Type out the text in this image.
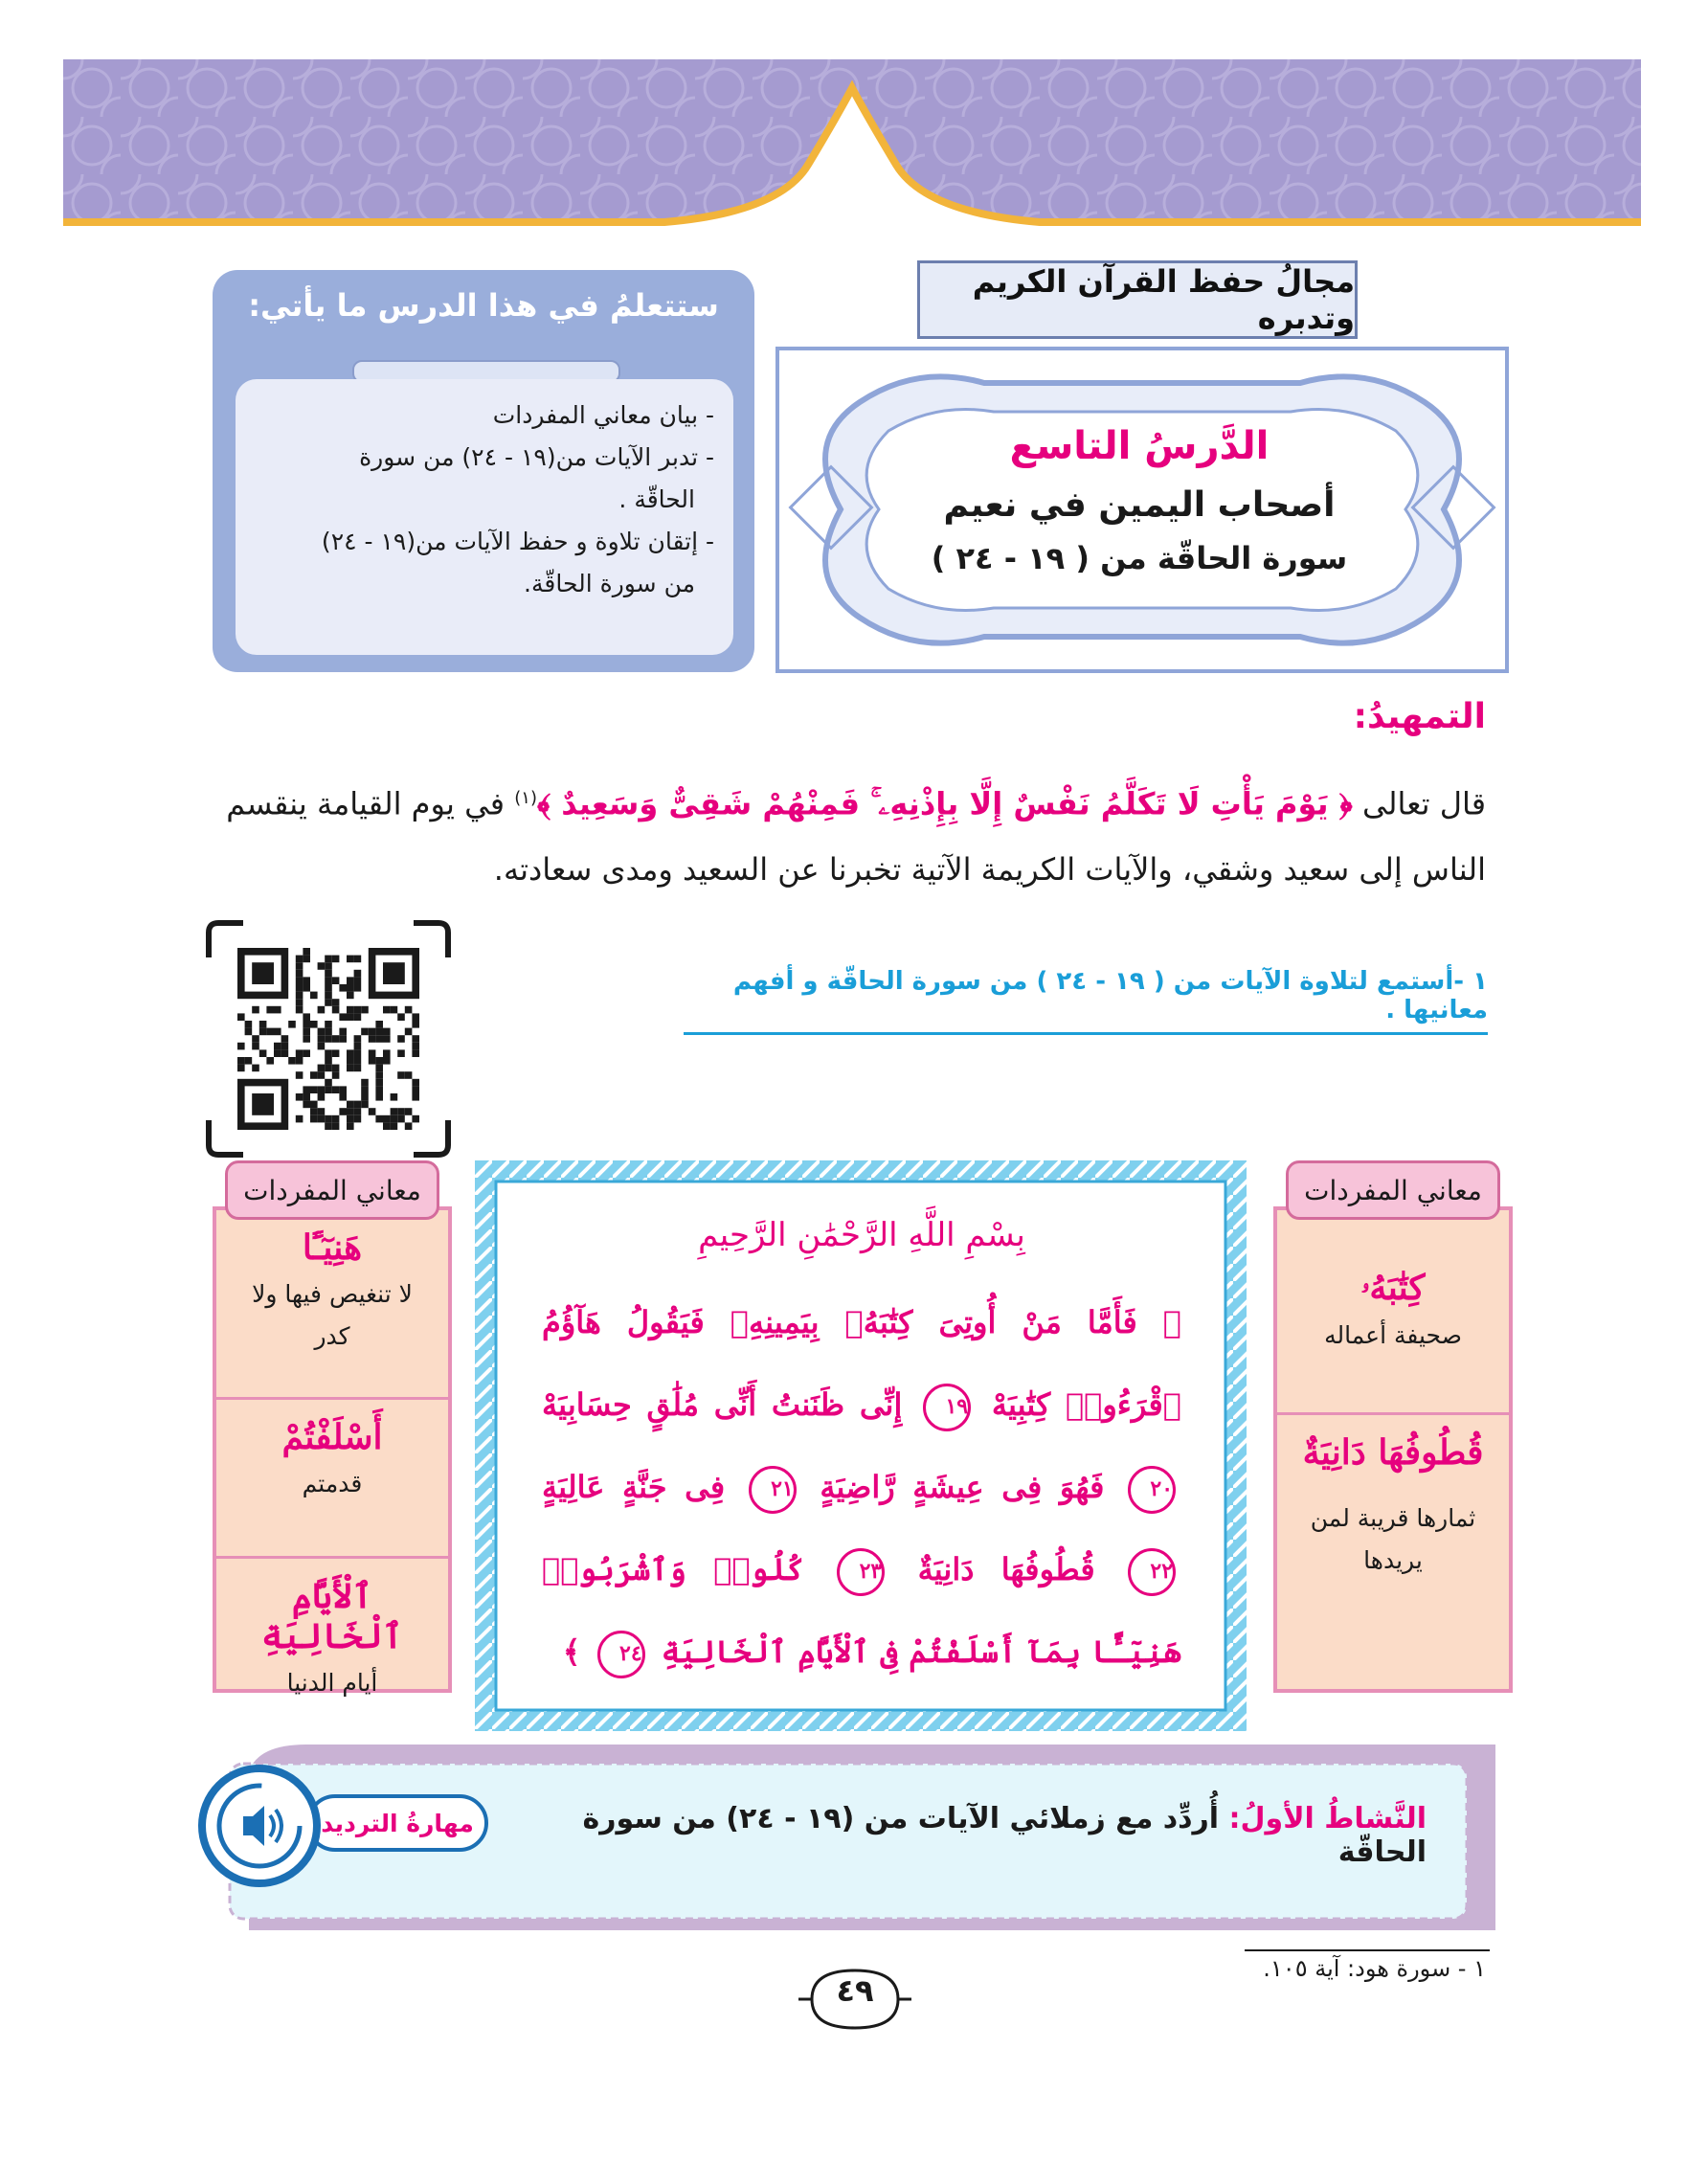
مجالُ حفظ القرآن الكريم وتدبره
الدَّرسُ التاسع
أصحاب اليمين في نعيم
سورة الحاقّة من ( ١٩ - ٢٤ )
ستتعلمُ في هذا الدرس ما يأتي:
- بيان معاني المفردات
- تدبر الآيات من(١٩ - ٢٤) من سورة
الحاقّة .
- إتقان تلاوة و حفظ الآيات من(١٩ - ٢٤)
من سورة الحاقّة.
التمهيدُ:
قال تعالى ﴿ يَوْمَ يَأْتِ لَا تَكَلَّمُ نَفْسٌ إِلَّا بِإِذْنِهِۦ ۚ فَمِنْهُمْ شَقِىٌّ وَسَعِيدٌ ﴾$^{(١)}$ في يوم القيامة ينقسم الناس إلى سعيد وشقي، والآيات الكريمة الآتية تخبرنا عن السعيد ومدى سعادته.
١ -أستمع لتلاوة الآيات من ( ١٩ - ٢٤ ) من سورة الحاقّة و أفهم معانيها .
كِتَٰبَهُۥ
صحيفة أعماله
قُطُوفُهَا دَانِيَةٌ
ثمارها قريبة لمن يريدها
معاني المفردات
هَنِيٓـًٔا
لا تنغيص فيها ولا كدر
أَسْلَفْتُمْ
قدمتم
ٱلْأَيَّامِ ٱلْخَالِيَةِ
أيام الدنيا
معاني المفردات
بِسْمِ اللَّهِ الرَّحْمَٰنِ الرَّحِيمِ
﴿ فَأَمَّا مَنْ أُوتِىَ كِتَٰبَهُۥ بِيَمِينِهِۦ فَيَقُولُ هَآؤُمُ ٱقْرَءُوا۟ كِتَٰبِيَهْ ١٩ إِنِّى ظَنَنتُ أَنِّى مُلَٰقٍ حِسَابِيَهْ ٢٠ فَهُوَ فِى عِيشَةٍ رَّاضِيَةٍ ٢١ فِى جَنَّةٍ عَالِيَةٍ ٢٢ قُطُوفُهَا دَانِيَةٌ ٢٣ كُلُوا۟ وَٱشْرَبُوا۟ هَنِيٓـًٔا بِمَآ أَسْلَفْتُمْ فِى ٱلْأَيَّامِ ٱلْخَالِيَةِ ٢٤ ﴾
النَّشاطُ الأولُ: أُردِّد مع زملائي الآيات من (١٩ - ٢٤) من سورة الحاقّة
مهارةُ الترديد
١ - سورة هود: آية ١٠٥.
٤٩
